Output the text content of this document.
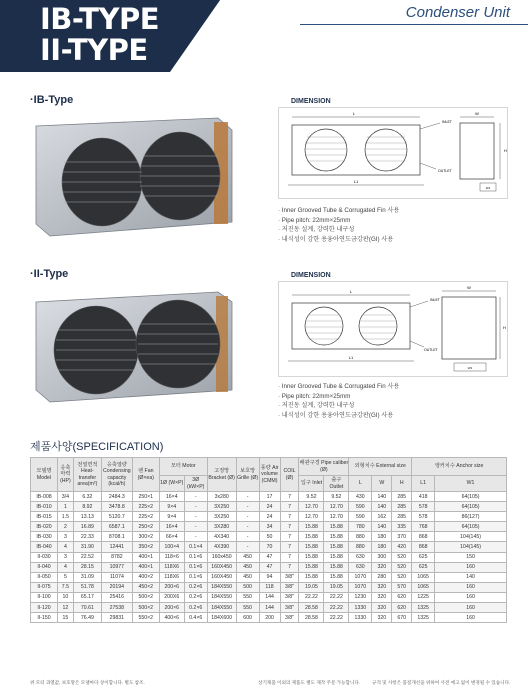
IB-TYPE
II-TYPE
Condenser Unit
·IB-Type	DIMENSION
L
L1
INLET
OUTLET
W
H
W1
· Inner Grooved Tube & Corrugated Fin 사용
· Pipe pitch: 22mm×25mm
· 저진동 설계, 강력한 내구성
· 내식성이 강한 용융아연도금강판(GI) 사용
·II-Type	DIMENSION
L
L1
INLET
OUTLET
W
H
W1
· Inner Grooved Tube & Corrugated Fin 사용
· Pipe pitch: 22mm×25mm
· 저진동 설계, 강력한 내구성
· 내식성이 강한 용융아연도금강판(GI) 사용
제품사양(SPECIFICATION)
모델명 Model	응축 마력 (HP)	전열면적 Heat-transfer area(m²)	응축열량 Condensing capacity (kcal/h)	팬 Fan (Ø×ea)	모터 Motor		고정망 Bracket (Ø)	보호망 Grille (Ø)	풍량 Air volume (CMM)	COIL (Ø)	배관구경 Pipe caliber (Ø)		외형치수 External size			앵커치수 Anchor size	
					1Ø (W×P)	3Ø (kW×P)					입구 Inlet	출구 Outlet	L	W	H	L1	W1
IB-008	3/4	6.32	2484.3	250×1	16×4	-	3x280	-	17	7	9.52	9.52	430	140	285	418	64(105)
IB-010	1	8.92	3478.8	225×2	9×4	-	3X250	-	24	7	12.70	12.70	590	140	285	578	64(105)
IB-015	1.5	13.13	5120.7	225×2	9×4	-	3X250	-	24	7	12.70	12.70	590	162	285	578	86(127)
IB-020	2	16.89	6587.1	250×2	16×4	-	3X280	-	34	7	15.88	15.88	780	140	335	768	64(105)
IB-030	3	22.33	8708.1	300×2	66×4	-	4X340	-	50	7	15.88	15.88	880	180	370	868	104(145)
IB-040	4	31.90	12441	350×2	100×4	0.1×4	4X390	-	70	7	15.88	15.88	880	180	420	868	104(145)
II-030	3	22.52	8782	400×1	118×6	0.1×6	160x450	450	47	7	15.88	15.88	630	300	520	625	150
II-040	4	28.15	10977	400×1	118X6	0.1×6	160X450	450	47	7	15.88	15.88	630	320	520	625	160
II-050	5	31.09	11074	400×2	118X6	0.1×6	160X450	450	94	3/8"	15.88	15.88	1070	280	520	1065	140
II-075	7.5	51.78	20194	450×2	200×6	0.2×6	184X550	500	118	3/8"	19.05	19.05	1070	320	570	1065	160
II-100	10	65.17	25416	500×2	200X6	0.2×6	184X550	550	144	3/8"	22.22	22.22	1230	320	620	1225	160
II-120	12	70.61	27538	500×2	200×6	0.2×6	184X550	550	144	3/8"	28.58	22.22	1330	320	620	1325	160
II-150	15	76.49	29831	550×2	400×6	0.4×6	184X600	600	200	3/8"	28.58	22.22	1330	320	670	1325	160
위 모터 과열값, 보호망은 모델마다 상이합니다. 별도 참조.	상기제품 이외의 제품도 별도 제작 주문 가능합니다.	규격 및 사항은 품질개선을 위하여 사전 예고 없이 변경될 수 있습니다.
